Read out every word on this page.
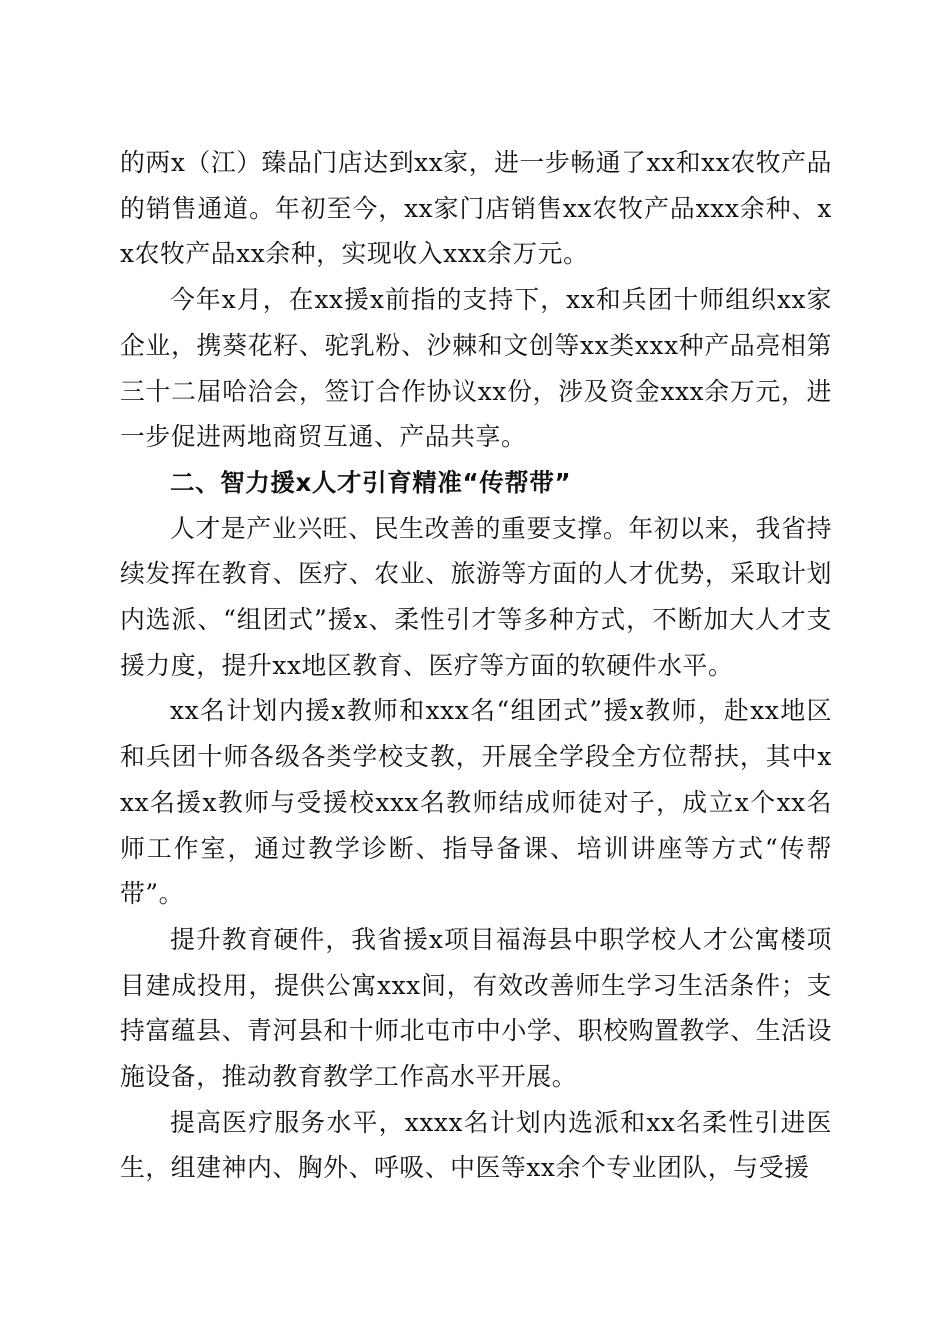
的两x（江）臻品门店达到xx家，进一步畅通了xx和xx农牧产品的销售通道。年初至今，xx家门店销售xx农牧产品xxx余种、xx农牧产品xx余种，实现收入xxx余万元。

今年x月，在xx援x前指的支持下，xx和兵团十师组织xx家企业，携葵花籽、驼乳粉、沙棘和文创等xx类xxx种产品亮相第三十二届哈洽会，签订合作协议xx份，涉及资金xxx余万元，进一步促进两地商贸互通、产品共享。

二、智力援x人才引育精准“传帮带”

人才是产业兴旺、民生改善的重要支撑。年初以来，我省持续发挥在教育、医疗、农业、旅游等方面的人才优势，采取计划内选派、“组团式”援x、柔性引才等多种方式，不断加大人才支援力度，提升xx地区教育、医疗等方面的软硬件水平。

xx名计划内援x教师和xxx名“组团式”援x教师，赴xx地区和兵团十师各级各类学校支教，开展全学段全方位帮扶，其中xxx名援x教师与受援校xxx名教师结成师徒对子，成立x个xx名师工作室，通过教学诊断、指导备课、培训讲座等方式“传帮带”。

提升教育硬件，我省援x项目福海县中职学校人才公寓楼项目建成投用，提供公寓xxx间，有效改善师生学习生活条件；支持富蕴县、青河县和十师北屯市中小学、职校购置教学、生活设施设备，推动教育教学工作高水平开展。

提高医疗服务水平，xxxx名计划内选派和xx名柔性引进医生，组建神内、胸外、呼吸、中医等xx余个专业团队，与受援
